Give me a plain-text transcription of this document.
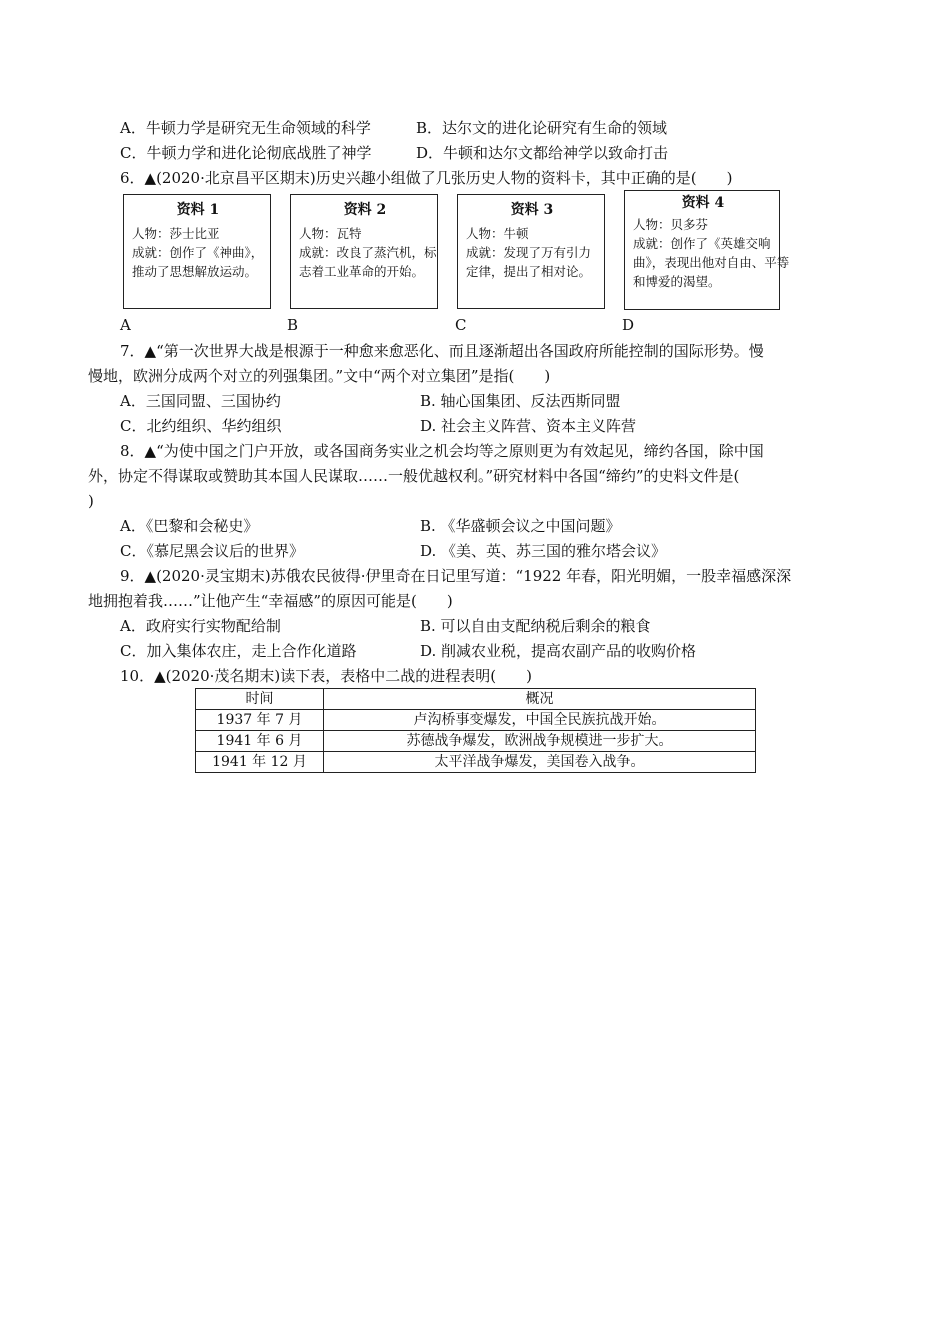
A．牛顿力学是研究无生命领域的科学	B．达尔文的进化论研究有生命的领域
C．牛顿力学和进化论彻底战胜了神学	D．牛顿和达尔文都给神学以致命打击
6．▲(2020·北京昌平区期末)历史兴趣小组做了几张历史人物的资料卡，其中正确的是(　　)
资料 1
人物：莎士比亚
成就：创作了《神曲》，
推动了思想解放运动。
资料 2
人物：瓦特
成就：改良了蒸汽机，标
志着工业革命的开始。
资料 3
人物：牛顿
成就：发现了万有引力
定律，提出了相对论。
资料 4
人物：贝多芬
成就：创作了《英雄交响
曲》，表现出他对自由、平等
和博爱的渴望。
A	B	C	D
7．▲“第一次世界大战是根源于一种愈来愈恶化、而且逐渐超出各国政府所能控制的国际形势。慢
慢地，欧洲分成两个对立的列强集团。”文中“两个对立集团”是指(　　)
A．三国同盟、三国协约	B. 轴心国集团、反法西斯同盟
C．北约组织、华约组织	D. 社会主义阵营、资本主义阵营
8．▲“为使中国之门户开放，或各国商务实业之机会均等之原则更为有效起见，缔约各国，除中国
外，协定不得谋取或赞助其本国人民谋取……一般优越权利。”研究材料中各国“缔约”的史料文件是(
)
A．《巴黎和会秘史》	B. 《华盛顿会议之中国问题》
C．《慕尼黑会议后的世界》	D. 《美、英、苏三国的雅尔塔会议》
9．▲(2020·灵宝期末)苏俄农民彼得·伊里奇在日记里写道：“1922 年春，阳光明媚，一股幸福感深深
地拥抱着我……”让他产生“幸福感”的原因可能是(　　)
A．政府实行实物配给制	B. 可以自由支配纳税后剩余的粮食
C．加入集体农庄，走上合作化道路	D. 削减农业税，提高农副产品的收购价格
10．▲(2020·茂名期末)读下表，表格中二战的进程表明(　　)
时间	概况
1937 年 7 月	卢沟桥事变爆发，中国全民族抗战开始。
1941 年 6 月	苏德战争爆发，欧洲战争规模进一步扩大。
1941 年 12 月	太平洋战争爆发，美国卷入战争。
